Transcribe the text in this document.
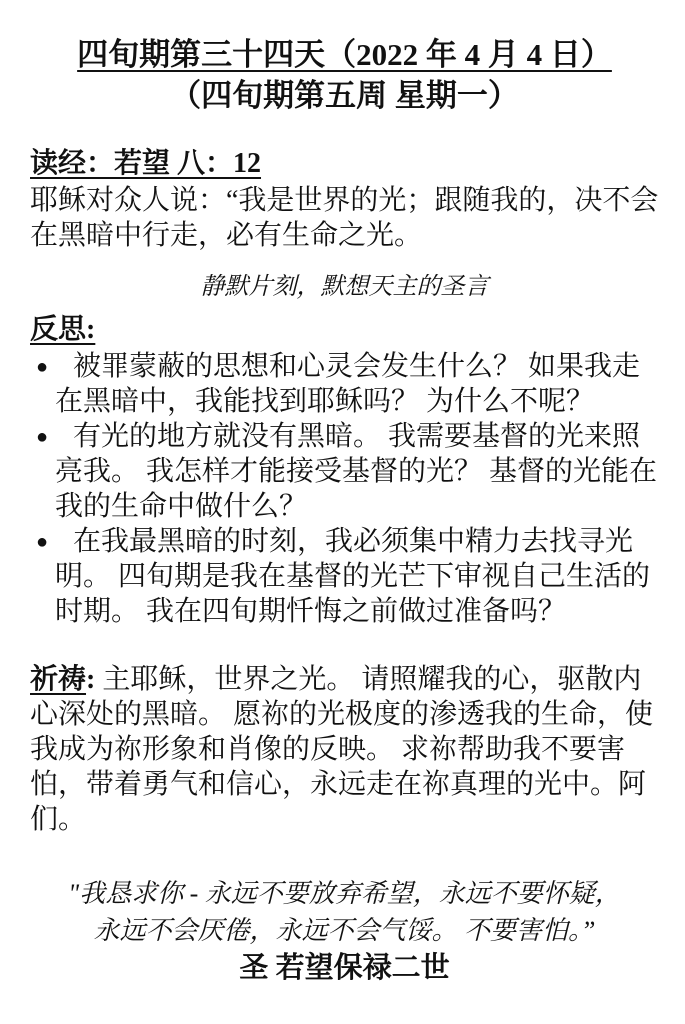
四旬期第三十四天（2022 年 4 月 4 日）
（四旬期第五周 星期一）

读经：若望 八：12

耶稣对众人说：“我是世界的光；跟随我的，决不会在黑暗中行走，必有生命之光。

静默片刻，默想天主的圣言

反思:

● 被罪蒙蔽的思想和心灵会发生什么？ 如果我走在黑暗中，我能找到耶稣吗？ 为什么不呢？
● 有光的地方就没有黑暗。 我需要基督的光来照亮我。 我怎样才能接受基督的光？ 基督的光能在我的生命中做什么？
● 在我最黑暗的时刻，我必须集中精力去找寻光明。 四旬期是我在基督的光芒下审视自己生活的时期。 我在四旬期忏悔之前做过准备吗？

祈祷: 主耶稣，世界之光。 请照耀我的心，驱散内心深处的黑暗。 愿祢的光极度的渗透我的生命，使我成为祢形象和肖像的反映。 求祢帮助我不要害怕，带着勇气和信心，永远走在祢真理的光中。阿们。

"我恳求你 - 永远不要放弃希望，永远不要怀疑，
永远不会厌倦，永远不会气馁。 不要害怕。”

圣 若望保禄二世
